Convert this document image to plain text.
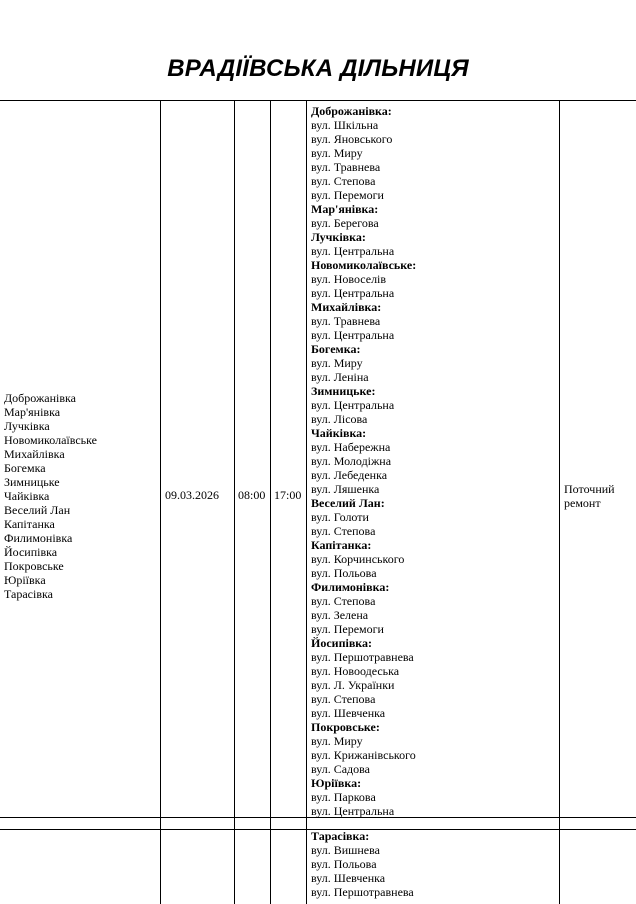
ВРАДІЇВСЬКА ДІЛЬНИЦЯ
Доброжанівка
Мар'янівка
Лучківка
Новомиколаївське
Михайлівка
Богемка
Зимницьке
Чайківка
Веселий Лан
Капітанка
Филимонівка
Йосипівка
Покровське
Юріївка
Тарасівка
09.03.2026 08:00 17:00
Доброжанівка:
вул. Шкільна
вул. Яновського
вул. Миру
вул. Травнева
вул. Степова
вул. Перемоги
Мар'янівка:
вул. Берегова
Лучківка:
вул. Центральна
Новомиколаївське:
вул. Новоселів
вул. Центральна
Михайлівка:
вул. Травнева
вул. Центральна
Богемка:
вул. Миру
вул. Леніна
Зимницьке:
вул. Центральна
вул. Лісова
Чайківка:
вул. Набережна
вул. Молодіжна
вул. Лебеденка
вул. Ляшенка
Веселий Лан:
вул. Голоти
вул. Степова
Капітанка:
вул. Корчинського
вул. Польова
Филимонівка:
вул. Степова
вул. Зелена
вул. Перемоги
Йосипівка:
вул. Першотравнева
вул. Новоодеська
вул. Л. Українки
вул. Степова
вул. Шевченка
Покровське:
вул. Миру
вул. Крижанівського
вул. Садова
Юріївка:
вул. Паркова
вул. Центральна
Поточний
ремонт
Тарасівка:
вул. Вишнева
вул. Польова
вул. Шевченка
вул. Першотравнева
